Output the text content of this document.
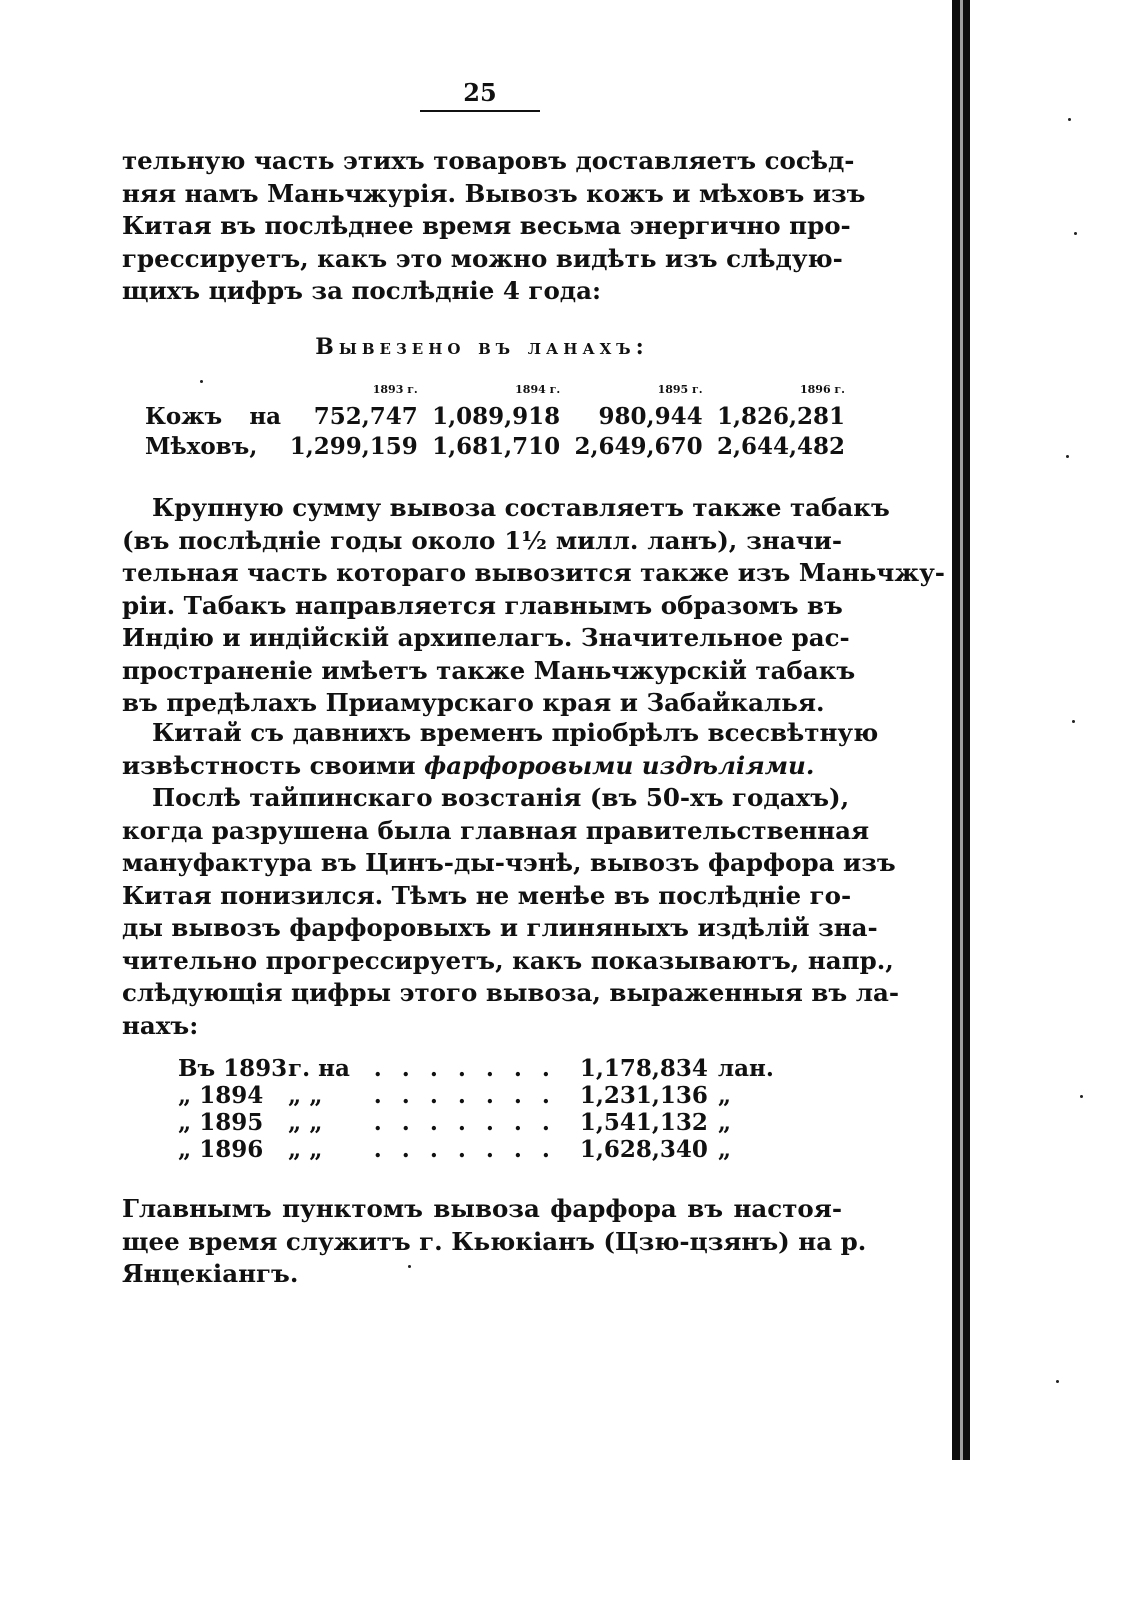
25
тельную часть этихъ товаровъ доставляетъ сосѣд-
няя намъ Маньчжурія. Вывозъ кожъ и мѣховъ изъ
Китая въ послѣднее время весьма энергично про-
грессируетъ, какъ это можно видѣть изъ слѣдую-
щихъ цифръ за послѣдніе 4 года:
Вывезено въ ланахъ:
		1893 г.	1894 г.	1895 г.	1896 г.
Кожъ	на	752,747	1,089,918	980,944	1,826,281
Мѣховъ	,	1,299,159	1,681,710	2,649,670	2,644,482
Крупную сумму вывоза составляетъ также табакъ
(въ послѣдніе годы около 1½ милл. ланъ), значи-
тельная часть котораго вывозится также изъ Маньчжу-
ріи. Табакъ направляется главнымъ образомъ въ
Индію и индійскій архипелагъ. Значительное рас-
пространеніе имѣетъ также Маньчжурскій табакъ
въ предѣлахъ Приамурскаго края и Забайкалья.
Китай съ давнихъ временъ пріобрѣлъ всесвѣтную
извѣстность своими фарфоровыми издѣліями.
Послѣ тайпинскаго возстанія (въ 50-хъ годахъ),
когда разрушена была главная правительственная
мануфактура въ Цинъ-ды-чэнѣ, вывозъ фарфора изъ
Китая понизился. Тѣмъ не менѣе въ послѣдніе го-
ды вывозъ фарфоровыхъ и глиняныхъ издѣлій зна-
чительно прогрессируетъ, какъ показываютъ, напр.,
слѣдующія цифры этого вывоза, выраженныя въ ла-
нахъ:
Въ 1893	г. на	. . . . . . .	1,178,834	лан.
„ 1894	„ „	. . . . . . .	1,231,136	„
„ 1895	„ „	. . . . . . .	1,541,132	„
„ 1896	„ „	. . . . . . .	1,628,340	„
Главнымъ пунктомъ вывоза фарфора въ настоя-
щее время служитъ г. Кьюкіанъ (Цзю-цзянъ) на р.
Янцекіангъ.
